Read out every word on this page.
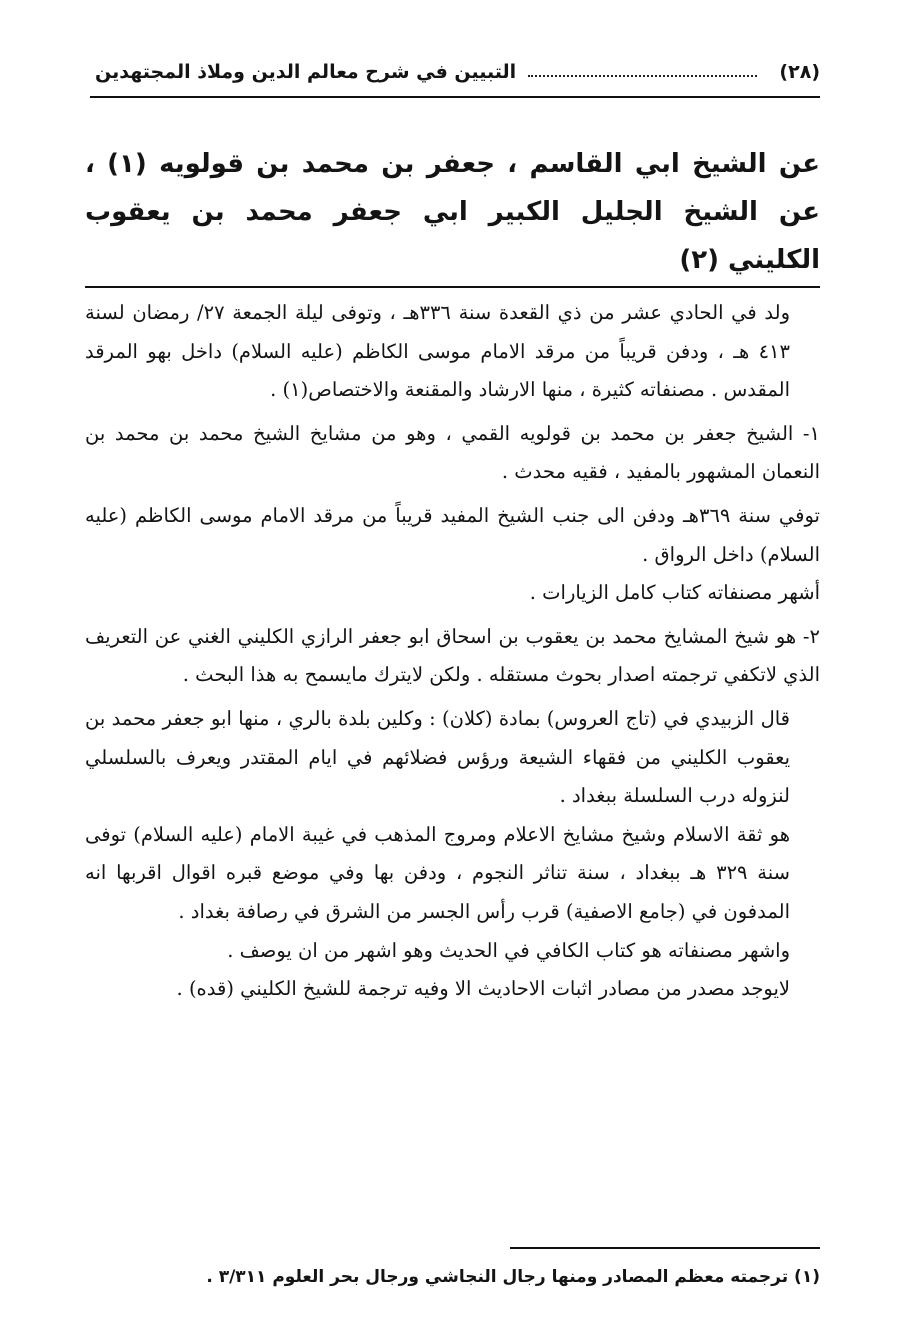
(٢٨)
التبيين في شرح معالم الدين وملاذ المجتهدين
عن الشيخ ابي القاسم ، جعفر بن محمد بن قولويه (١) ، عن الشيخ الجليل الكبير ابي جعفر محمد بن يعقوب الكليني (٢)

ولد في الحادي عشر من ذي القعدة سنة ٣٣٦هـ ، وتوفى ليلة الجمعة ٢٧/ رمضان لسنة ٤١٣ هـ ، ودفن قريباً من مرقد الامام موسى الكاظم (عليه السلام) داخل بهو المرقد المقدس . مصنفاته كثيرة ، منها الارشاد والمقنعة والاختصاص(١) .

١- الشيخ جعفر بن محمد بن قولويه القمي ، وهو من مشايخ الشيخ محمد بن محمد بن النعمان المشهور بالمفيد ، فقيه محدث .

توفي سنة ٣٦٩هـ ودفن الى جنب الشيخ المفيد قريباً من مرقد الامام موسى الكاظم (عليه السلام) داخل الرواق .

أشهر مصنفاته كتاب كامل الزيارات .

٢- هو شيخ المشايخ محمد بن يعقوب بن اسحاق ابو جعفر الرازي الكليني الغني عن التعريف الذي لاتكفي ترجمته اصدار بحوث مستقله . ولكن لايترك مايسمح به هذا البحث .

قال الزبيدي في (تاج العروس) بمادة (كلان) : وكلين بلدة بالري ، منها ابو جعفر محمد بن يعقوب الكليني من فقهاء الشيعة ورؤس فضلائهم في ايام المقتدر ويعرف بالسلسلي لنزوله درب السلسلة ببغداد .

هو ثقة الاسلام وشيخ مشايخ الاعلام ومروج المذهب في غيبة الامام (عليه السلام) توفى سنة ٣٢٩ هـ ببغداد ، سنة تناثر النجوم ، ودفن بها وفي موضع قبره اقوال اقربها انه المدفون في (جامع الاصفية) قرب رأس الجسر من الشرق في رصافة بغداد .

واشهر مصنفاته هو كتاب الكافي في الحديث وهو اشهر من ان يوصف .

لايوجد مصدر من مصادر اثبات الاحاديث الا وفيه ترجمة للشيخ الكليني (قده) .

(١) ترجمته معظم المصادر ومنها رجال النجاشي ورجال بحر العلوم ٣/٣١١ .
